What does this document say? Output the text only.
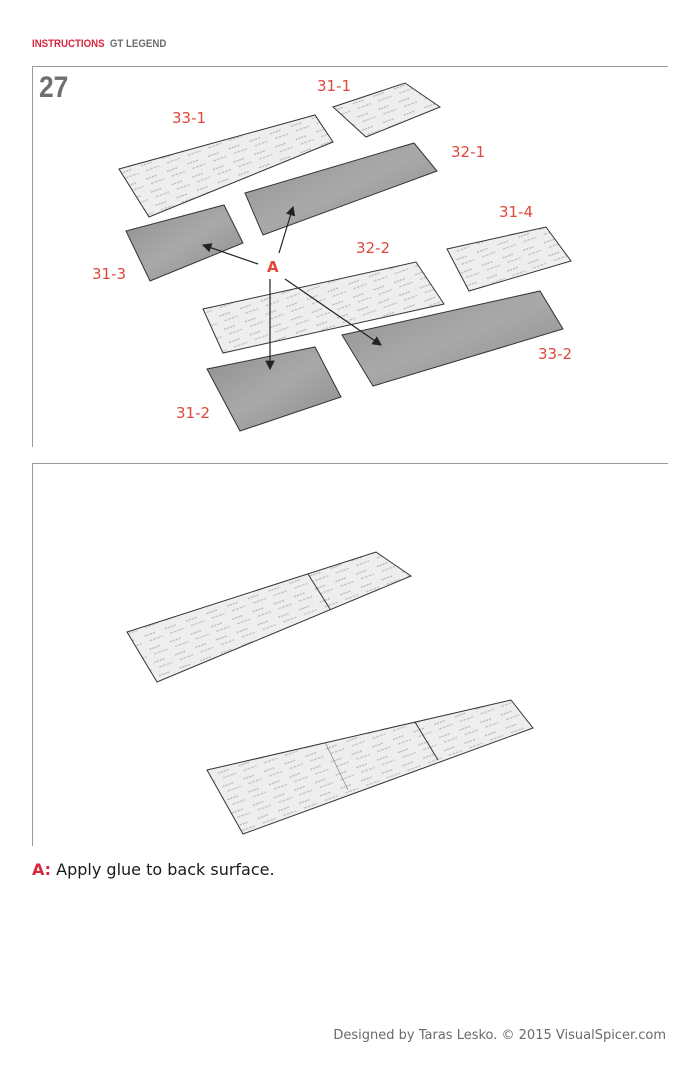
INSTRUCTIONS GT LEGEND
27	31-1
33-1
32-1
31-4
32-2
31-3
33-2
31-2
A
A: Apply glue to back surface.
Designed by Taras Lesko. © 2015 VisualSpicer.com
